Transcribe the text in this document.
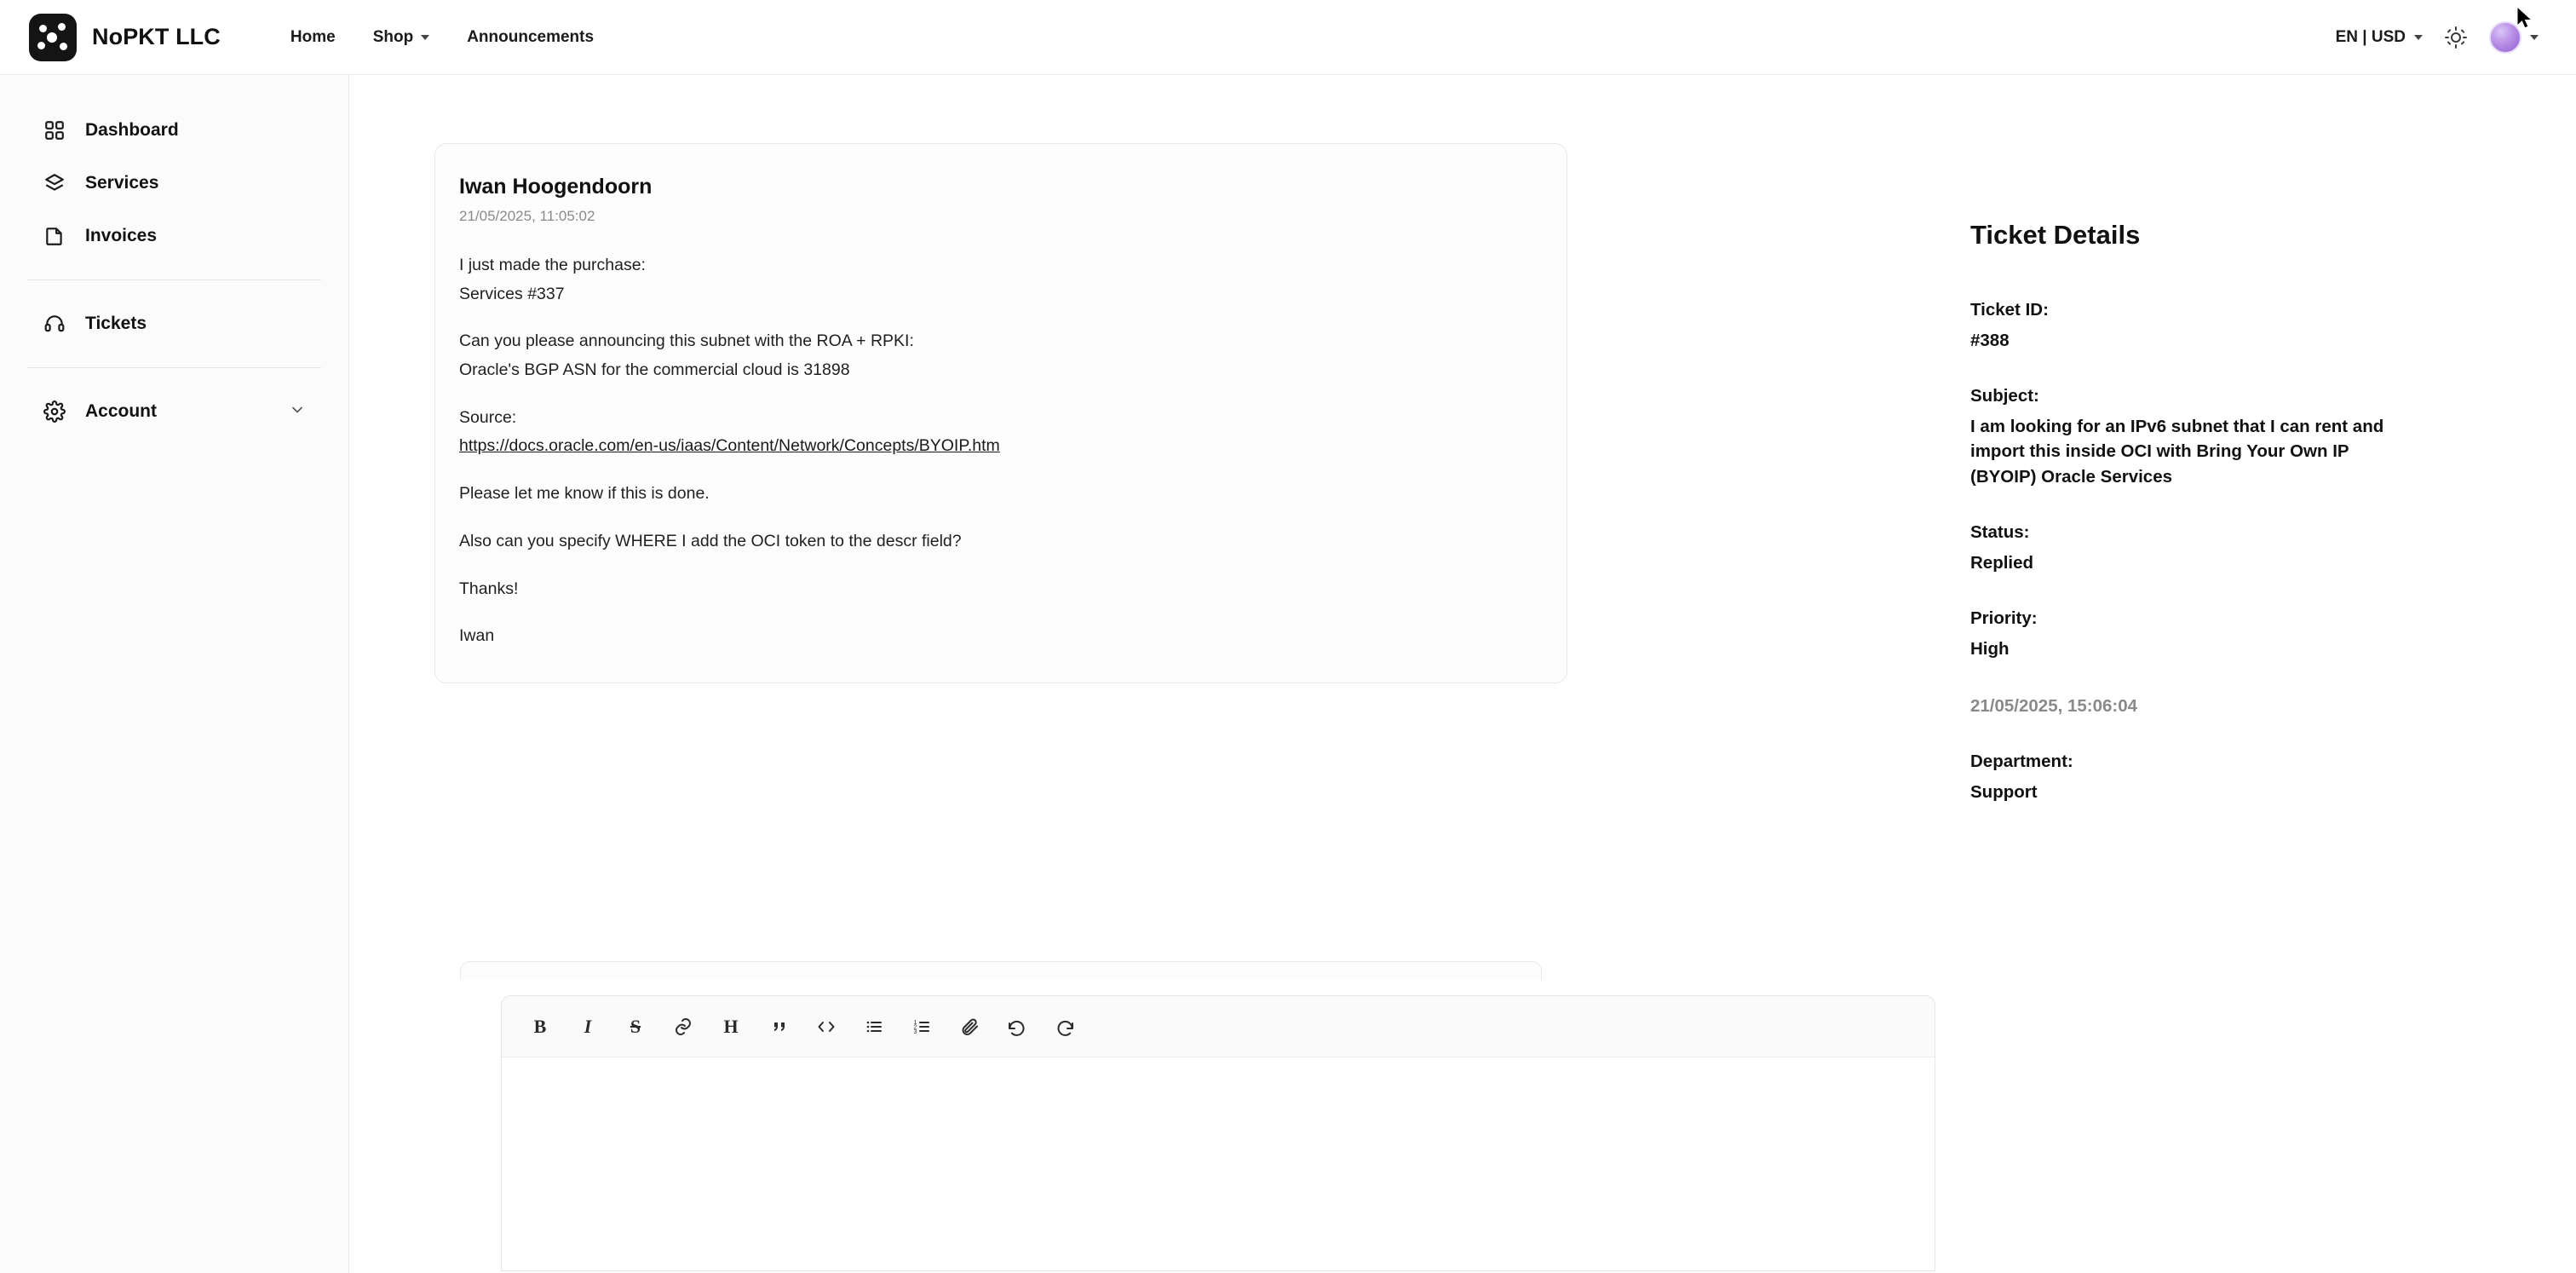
NoPKT LLC	Home Shop	Announcements	EN | USD
Dashboard
Services
Invoices
Tickets
Account
Iwan Hoogendoorn
21/05/2025, 11:05:02

I just made the purchase:

Services #337

Can you please announcing this subnet with the ROA + RPKI:

Oracle's BGP ASN for the commercial cloud is 31898

Source:

https://docs.oracle.com/en-us/iaas/Content/Network/Concepts/BYOIP.htm

Please let me know if this is done.

Also can you specify WHERE I add the OCI token to the descr field?

Thanks!

Iwan

B	I	S	H	1
2
3
Ticket Details
Ticket ID:
#388
Subject:
I am looking for an IPv6 subnet that I can rent and import this inside OCI with Bring Your Own IP (BYOIP) Oracle Services
Status:
Replied
Priority:
High
21/05/2025, 15:06:04
Department:
Support
